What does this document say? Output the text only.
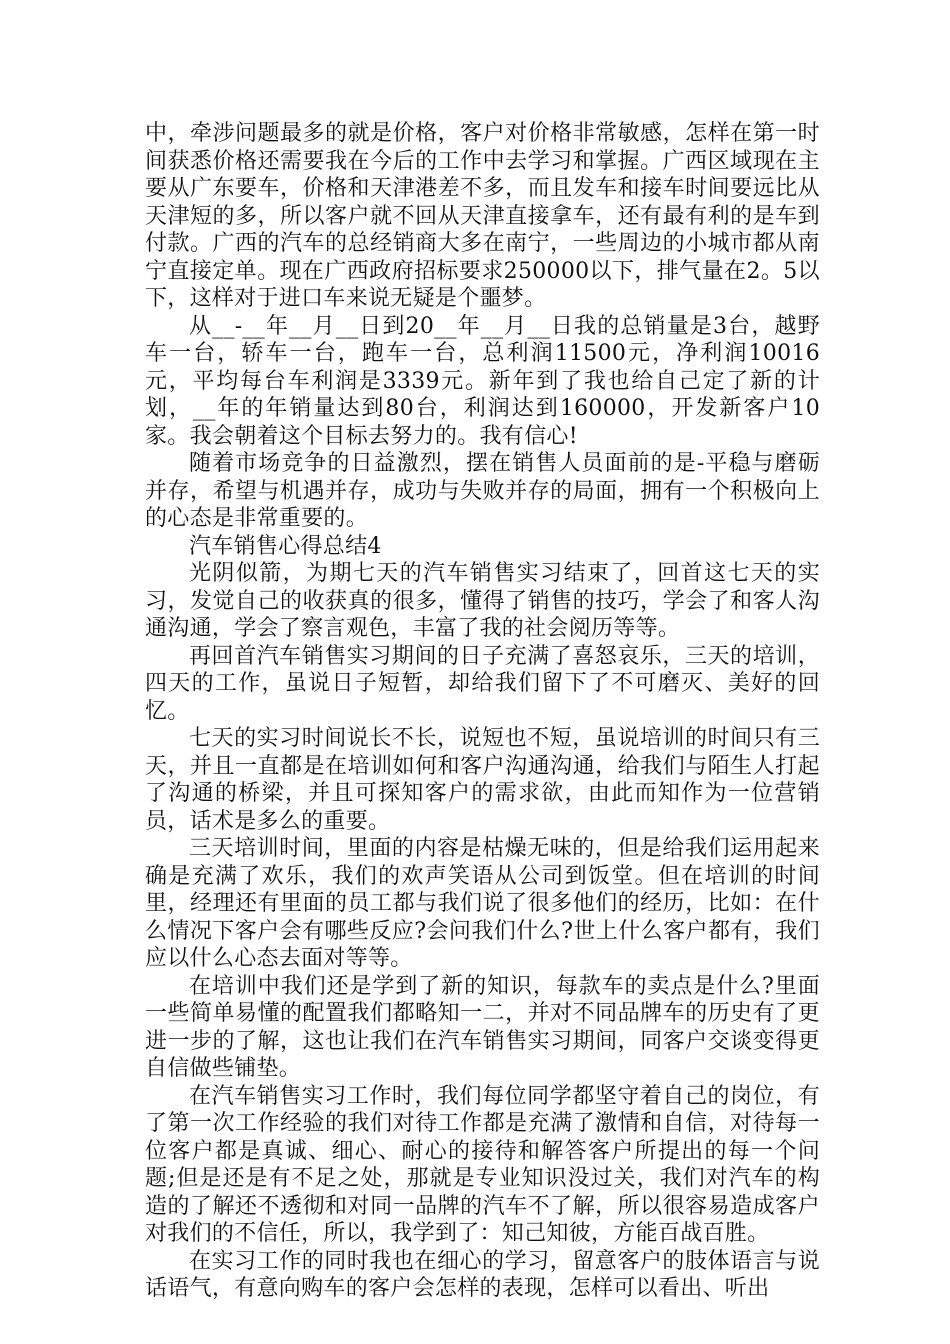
中，牵涉问题最多的就是价格，客户对价格非常敏感，怎样在第一时间获悉价格还需要我在今后的工作中去学习和掌握。广西区域现在主要从广东要车，价格和天津港差不多，而且发车和接车时间要远比从天津短的多，所以客户就不回从天津直接拿车，还有最有利的是车到付款。广西的汽车的总经销商大多在南宁，一些周边的小城市都从南宁直接定单。现在广西政府招标要求250000以下，排气量在2。5以下，这样对于进口车来说无疑是个噩梦。

从__-__年__月__日到20__年__月__日我的总销量是3台，越野车一台，轿车一台，跑车一台，总利润11500元，净利润10016元，平均每台车利润是3339元。新年到了我也给自己定了新的计划，__年的年销量达到80台，利润达到160000，开发新客户10家。我会朝着这个目标去努力的。我有信心!

随着市场竞争的日益激烈，摆在销售人员面前的是-平稳与磨砺并存，希望与机遇并存，成功与失败并存的局面，拥有一个积极向上的心态是非常重要的。

汽车销售心得总结4

光阴似箭，为期七天的汽车销售实习结束了，回首这七天的实习，发觉自己的收获真的很多，懂得了销售的技巧，学会了和客人沟通沟通，学会了察言观色，丰富了我的社会阅历等等。

再回首汽车销售实习期间的日子充满了喜怒哀乐，三天的培训，四天的工作，虽说日子短暂，却给我们留下了不可磨灭、美好的回忆。

七天的实习时间说长不长，说短也不短，虽说培训的时间只有三天，并且一直都是在培训如何和客户沟通沟通，给我们与陌生人打起了沟通的桥梁，并且可探知客户的需求欲，由此而知作为一位营销员，话术是多么的重要。

三天培训时间，里面的内容是枯燥无味的，但是给我们运用起来确是充满了欢乐，我们的欢声笑语从公司到饭堂。但在培训的时间里，经理还有里面的员工都与我们说了很多他们的经历，比如：在什么情况下客户会有哪些反应?会问我们什么?世上什么客户都有，我们应以什么心态去面对等等。

在培训中我们还是学到了新的知识，每款车的卖点是什么?里面一些简单易懂的配置我们都略知一二，并对不同品牌车的历史有了更进一步的了解，这也让我们在汽车销售实习期间，同客户交谈变得更自信做些铺垫。

在汽车销售实习工作时，我们每位同学都坚守着自己的岗位，有了第一次工作经验的我们对待工作都是充满了激情和自信，对待每一位客户都是真诚、细心、耐心的接待和解答客户所提出的每一个问题;但是还是有不足之处，那就是专业知识没过关，我们对汽车的构造的了解还不透彻和对同一品牌的汽车不了解，所以很容易造成客户对我们的不信任，所以，我学到了：知己知彼，方能百战百胜。

在实习工作的同时我也在细心的学习，留意客户的肢体语言与说话语气，有意向购车的客户会怎样的表现，怎样可以看出、听出
